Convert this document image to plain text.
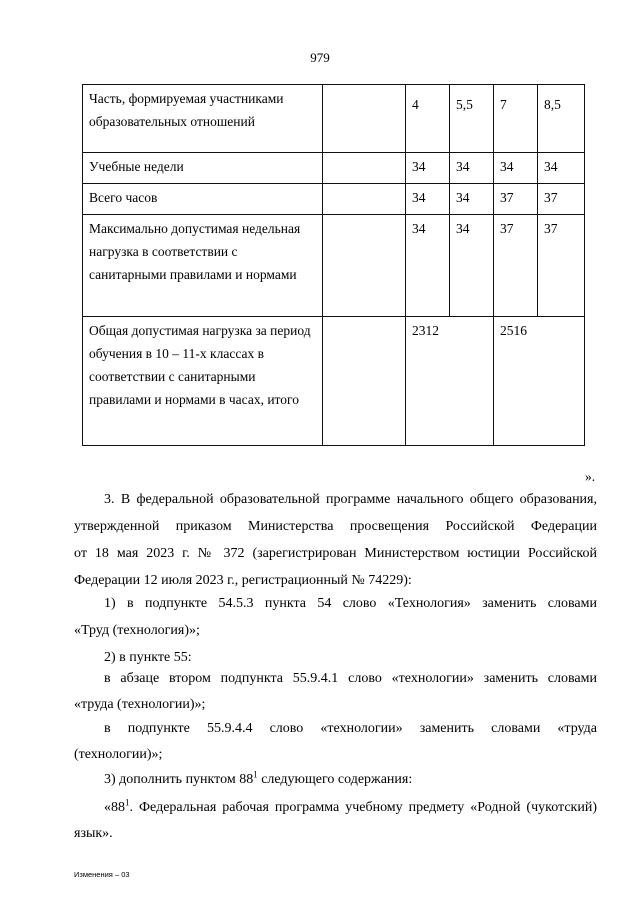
979
Часть, формируемая участниками образовательных отношений		4	5,5	7	8,5
Учебные недели		34	34	34	34
Всего часов		34	34	37	37
Максимально допустимая недельная нагрузка в соответствии с санитарными правилами и нормами		34	34	37	37
Общая допустимая нагрузка за период обучения в 10 – 11-х классах в соответствии с санитарными правилами и нормами в часах, итого		2312		2516	
».
3. В федеральной образовательной программе начального общего образования,
утвержденной приказом Министерства просвещения Российской Федерации
от 18 мая 2023 г. № 372 (зарегистрирован Министерством юстиции Российской
Федерации 12 июля 2023 г., регистрационный № 74229):
1) в подпункте 54.5.3 пункта 54 слово «Технология» заменить словами
«Труд (технология)»;
2) в пункте 55:
в абзаце втором подпункта 55.9.4.1 слово «технологии» заменить словами
«труда (технологии)»;
в подпункте 55.9.4.4 слово «технологии» заменить словами «труда
(технологии)»;
3) дополнить пунктом $88^1$ следующего содержания:
«$88^1$. Федеральная рабочая программа учебному предмету «Родной (чукотский)
язык».
Изменения – 03
